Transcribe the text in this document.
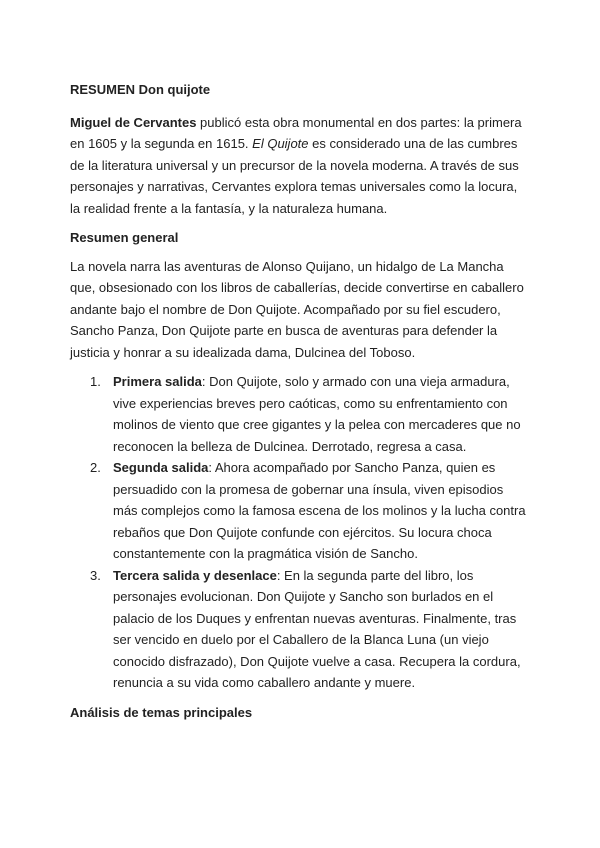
RESUMEN Don quijote

Miguel de Cervantes publicó esta obra monumental en dos partes: la primera en 1605 y la segunda en 1615. El Quijote es considerado una de las cumbres de la literatura universal y un precursor de la novela moderna. A través de sus personajes y narrativas, Cervantes explora temas universales como la locura, la realidad frente a la fantasía, y la naturaleza humana.

Resumen general

La novela narra las aventuras de Alonso Quijano, un hidalgo de La Mancha que, obsesionado con los libros de caballerías, decide convertirse en caballero andante bajo el nombre de Don Quijote. Acompañado por su fiel escudero, Sancho Panza, Don Quijote parte en busca de aventuras para defender la justicia y honrar a su idealizada dama, Dulcinea del Toboso.

1. Primera salida: Don Quijote, solo y armado con una vieja armadura, vive experiencias breves pero caóticas, como su enfrentamiento con molinos de viento que cree gigantes y la pelea con mercaderes que no reconocen la belleza de Dulcinea. Derrotado, regresa a casa.
2. Segunda salida: Ahora acompañado por Sancho Panza, quien es persuadido con la promesa de gobernar una ínsula, viven episodios más complejos como la famosa escena de los molinos y la lucha contra rebaños que Don Quijote confunde con ejércitos. Su locura choca constantemente con la pragmática visión de Sancho.
3. Tercera salida y desenlace: En la segunda parte del libro, los personajes evolucionan. Don Quijote y Sancho son burlados en el palacio de los Duques y enfrentan nuevas aventuras. Finalmente, tras ser vencido en duelo por el Caballero de la Blanca Luna (un viejo conocido disfrazado), Don Quijote vuelve a casa. Recupera la cordura, renuncia a su vida como caballero andante y muere.
Análisis de temas principales
